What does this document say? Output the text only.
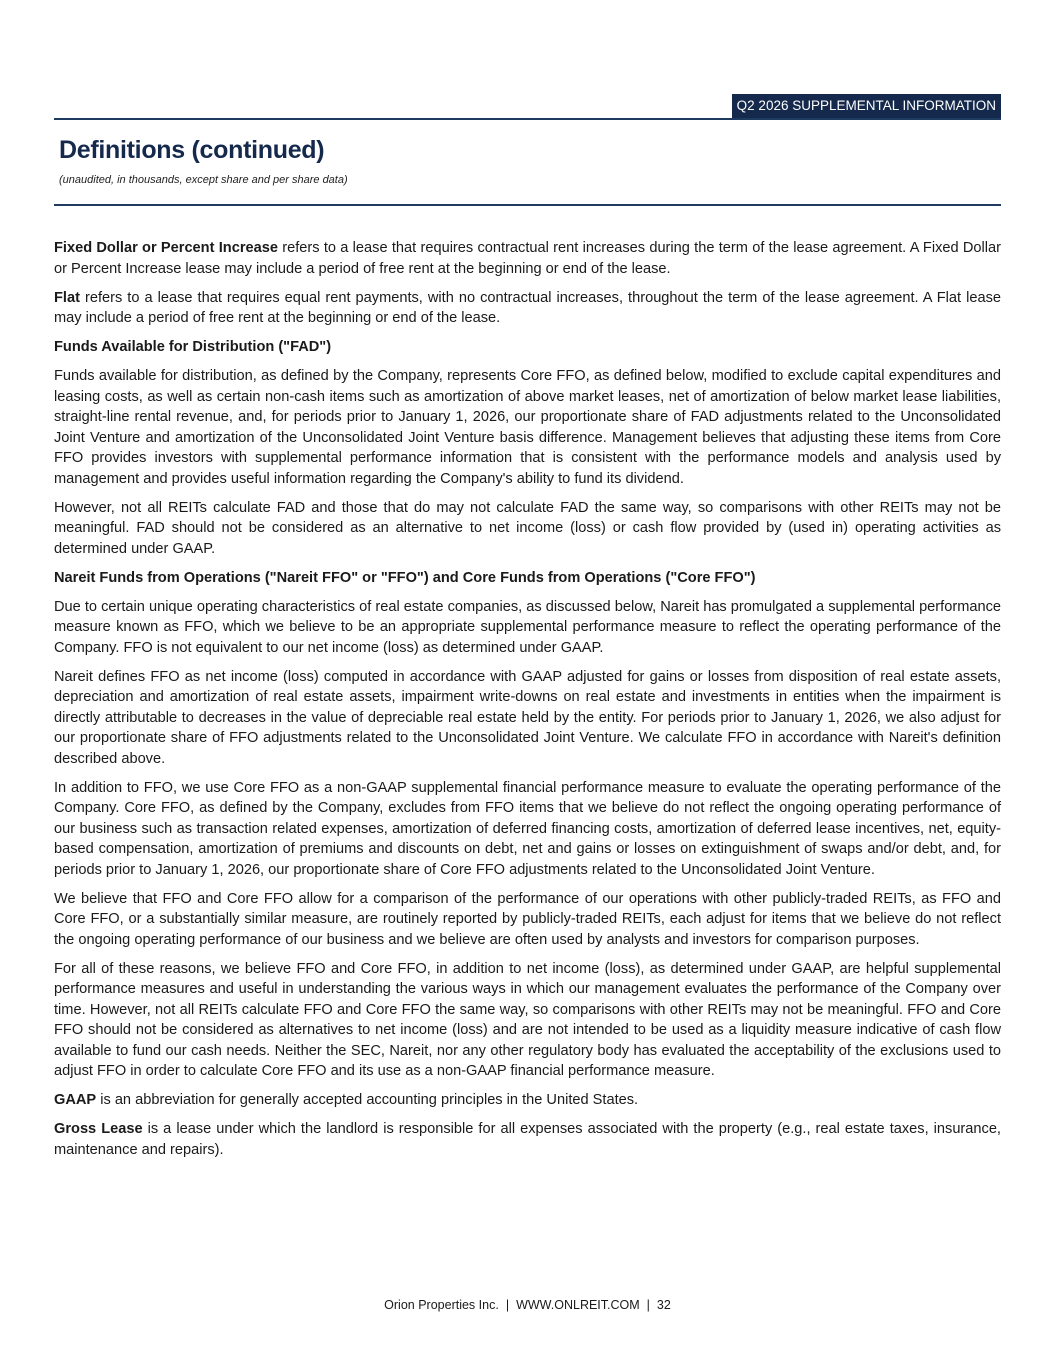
Q2 2026 SUPPLEMENTAL INFORMATION
Definitions (continued)

(unaudited, in thousands, except share and per share data)

Fixed Dollar or Percent Increase refers to a lease that requires contractual rent increases during the term of the lease agreement. A Fixed Dollar or Percent Increase lease may include a period of free rent at the beginning or end of the lease.

Flat refers to a lease that requires equal rent payments, with no contractual increases, throughout the term of the lease agreement. A Flat lease may include a period of free rent at the beginning or end of the lease.

Funds Available for Distribution ("FAD")

Funds available for distribution, as defined by the Company, represents Core FFO, as defined below, modified to exclude capital expenditures and leasing costs, as well as certain non-cash items such as amortization of above market leases, net of amortization of below market lease liabilities, straight-line rental revenue, and, for periods prior to January 1, 2026, our proportionate share of FAD adjustments related to the Unconsolidated Joint Venture and amortization of the Unconsolidated Joint Venture basis difference. Management believes that adjusting these items from Core FFO provides investors with supplemental performance information that is consistent with the performance models and analysis used by management and provides useful information regarding the Company's ability to fund its dividend.

However, not all REITs calculate FAD and those that do may not calculate FAD the same way, so comparisons with other REITs may not be meaningful. FAD should not be considered as an alternative to net income (loss) or cash flow provided by (used in) operating activities as determined under GAAP.

Nareit Funds from Operations ("Nareit FFO" or "FFO") and Core Funds from Operations ("Core FFO")

Due to certain unique operating characteristics of real estate companies, as discussed below, Nareit has promulgated a supplemental performance measure known as FFO, which we believe to be an appropriate supplemental performance measure to reflect the operating performance of the Company. FFO is not equivalent to our net income (loss) as determined under GAAP.

Nareit defines FFO as net income (loss) computed in accordance with GAAP adjusted for gains or losses from disposition of real estate assets, depreciation and amortization of real estate assets, impairment write-downs on real estate and investments in entities when the impairment is directly attributable to decreases in the value of depreciable real estate held by the entity. For periods prior to January 1, 2026, we also adjust for our proportionate share of FFO adjustments related to the Unconsolidated Joint Venture. We calculate FFO in accordance with Nareit's definition described above.

In addition to FFO, we use Core FFO as a non-GAAP supplemental financial performance measure to evaluate the operating performance of the Company. Core FFO, as defined by the Company, excludes from FFO items that we believe do not reflect the ongoing operating performance of our business such as transaction related expenses, amortization of deferred financing costs, amortization of deferred lease incentives, net, equity-based compensation, amortization of premiums and discounts on debt, net and gains or losses on extinguishment of swaps and/or debt, and, for periods prior to January 1, 2026, our proportionate share of Core FFO adjustments related to the Unconsolidated Joint Venture.

We believe that FFO and Core FFO allow for a comparison of the performance of our operations with other publicly-traded REITs, as FFO and Core FFO, or a substantially similar measure, are routinely reported by publicly-traded REITs, each adjust for items that we believe do not reflect the ongoing operating performance of our business and we believe are often used by analysts and investors for comparison purposes.

For all of these reasons, we believe FFO and Core FFO, in addition to net income (loss), as determined under GAAP, are helpful supplemental performance measures and useful in understanding the various ways in which our management evaluates the performance of the Company over time. However, not all REITs calculate FFO and Core FFO the same way, so comparisons with other REITs may not be meaningful. FFO and Core FFO should not be considered as alternatives to net income (loss) and are not intended to be used as a liquidity measure indicative of cash flow available to fund our cash needs. Neither the SEC, Nareit, nor any other regulatory body has evaluated the acceptability of the exclusions used to adjust FFO in order to calculate Core FFO and its use as a non-GAAP financial performance measure.

GAAP is an abbreviation for generally accepted accounting principles in the United States.

Gross Lease is a lease under which the landlord is responsible for all expenses associated with the property (e.g., real estate taxes, insurance, maintenance and repairs).

Orion Properties Inc. | WWW.ONLREIT.COM | 32
